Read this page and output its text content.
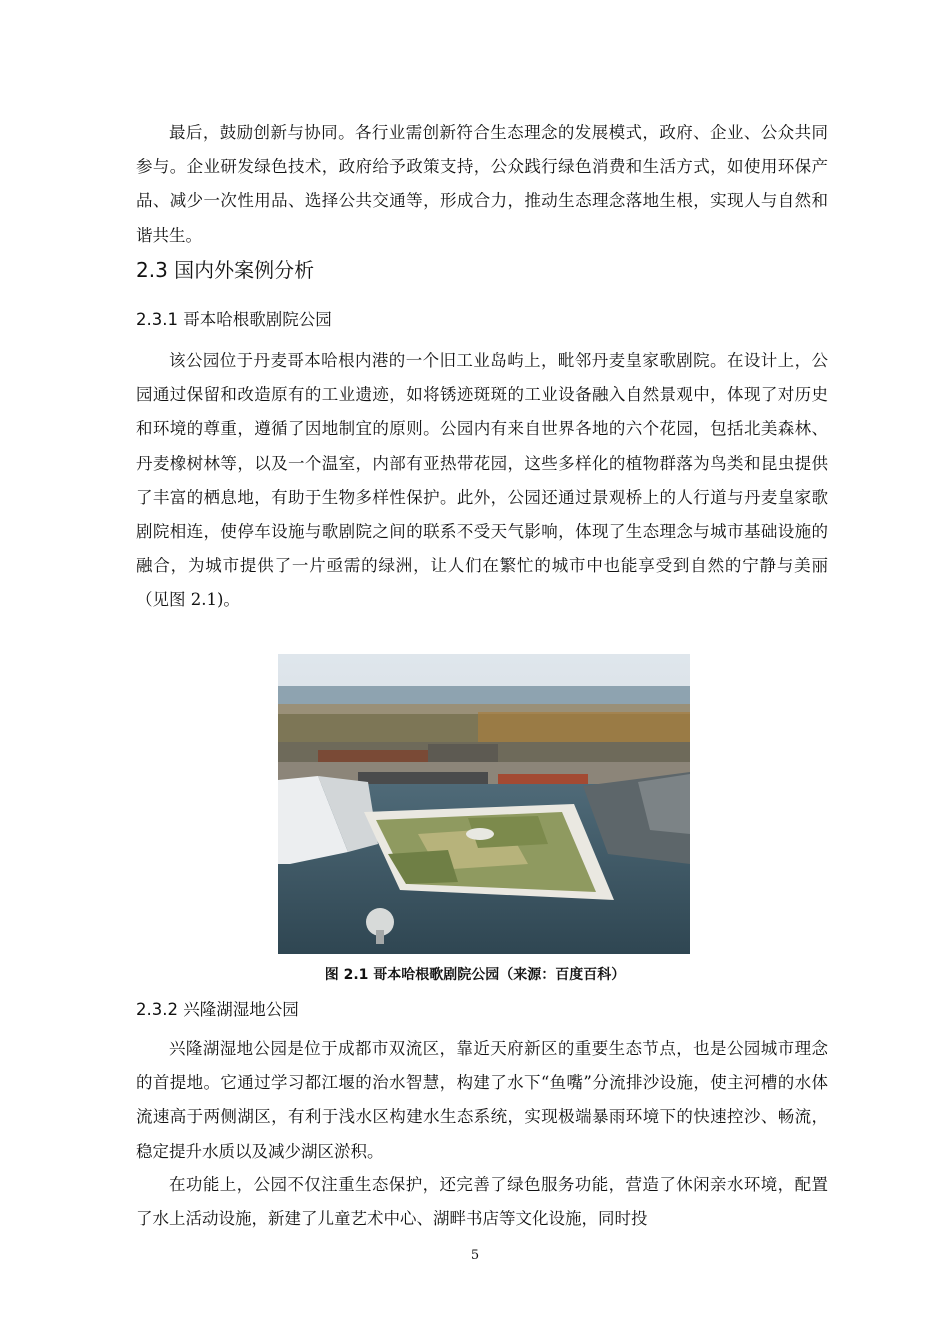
最后，鼓励创新与协同。各行业需创新符合生态理念的发展模式，政府、企业、公众共同参与。企业研发绿色技术，政府给予政策支持，公众践行绿色消费和生活方式，如使用环保产品、减少一次性用品、选择公共交通等，形成合力，推动生态理念落地生根，实现人与自然和谐共生。

2.3 国内外案例分析
2.3.1 哥本哈根歌剧院公园

该公园位于丹麦哥本哈根内港的一个旧工业岛屿上，毗邻丹麦皇家歌剧院。在设计上，公园通过保留和改造原有的工业遗迹，如将锈迹斑斑的工业设备融入自然景观中，体现了对历史和环境的尊重，遵循了因地制宜的原则。公园内有来自世界各地的六个花园，包括北美森林、丹麦橡树林等，以及一个温室，内部有亚热带花园，这些多样化的植物群落为鸟类和昆虫提供了丰富的栖息地，有助于生物多样性保护。此外，公园还通过景观桥上的人行道与丹麦皇家歌剧院相连，使停车设施与歌剧院之间的联系不受天气影响，体现了生态理念与城市基础设施的融合，为城市提供了一片亟需的绿洲，让人们在繁忙的城市中也能享受到自然的宁静与美丽（见图 2.1)。

图 2.1 哥本哈根歌剧院公园（来源：百度百科）

2.3.2 兴隆湖湿地公园

兴隆湖湿地公园是位于成都市双流区，靠近天府新区的重要生态节点，也是公园城市理念的首提地。它通过学习都江堰的治水智慧，构建了水下“鱼嘴”分流排沙设施，使主河槽的水体流速高于两侧湖区，有利于浅水区构建水生态系统，实现极端暴雨环境下的快速控沙、畅流，稳定提升水质以及减少湖区淤积。

在功能上，公园不仅注重生态保护，还完善了绿色服务功能，营造了休闲亲水环境，配置了水上活动设施，新建了儿童艺术中心、湖畔书店等文化设施，同时投

5
